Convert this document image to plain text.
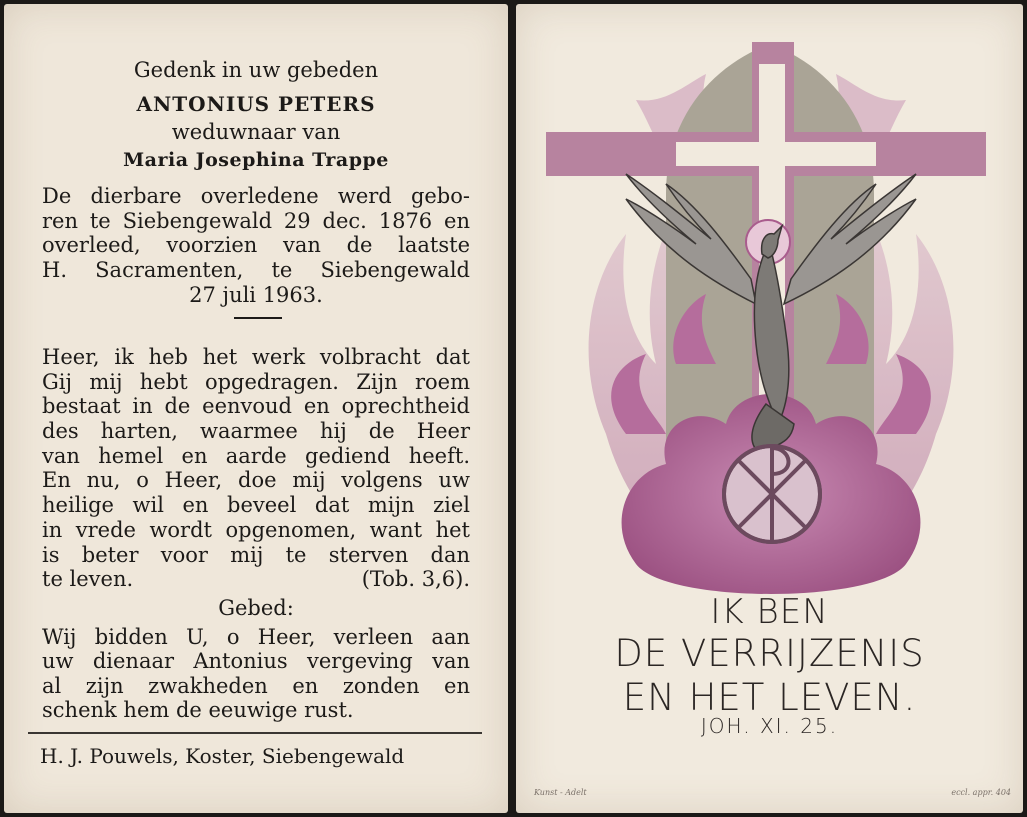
Gedenk in uw gebeden
ANTONIUS PETERS
weduwnaar van
Maria Josephina Trappe
De dierbare overledene werd gebo-
ren te Siebengewald 29 dec. 1876 en
overleed, voorzien van de laatste
H. Sacramenten, te Siebengewald
27 juli 1963.
Heer, ik heb het werk volbracht dat
Gij mij hebt opgedragen. Zijn roem
bestaat in de eenvoud en oprechtheid
des harten, waarmee hij de Heer
van hemel en aarde gediend heeft.
En nu, o Heer, doe mij volgens uw
heilige wil en beveel dat mijn ziel
in vrede wordt opgenomen, want het
is beter voor mij te sterven dan
te leven.	(Tob. 3,6).
Gebed:
Wij bidden U, o Heer, verleen aan
uw dienaar Antonius vergeving van
al zijn zwakheden en zonden en
schenk hem de eeuwige rust.
H. J. Pouwels, Koster, Siebengewald
IK BEN
DE VERRIJZENIS
EN HET LEVEN.
JOH. XI. 25.
Kunst - Adelt	eccl. appr. 404
